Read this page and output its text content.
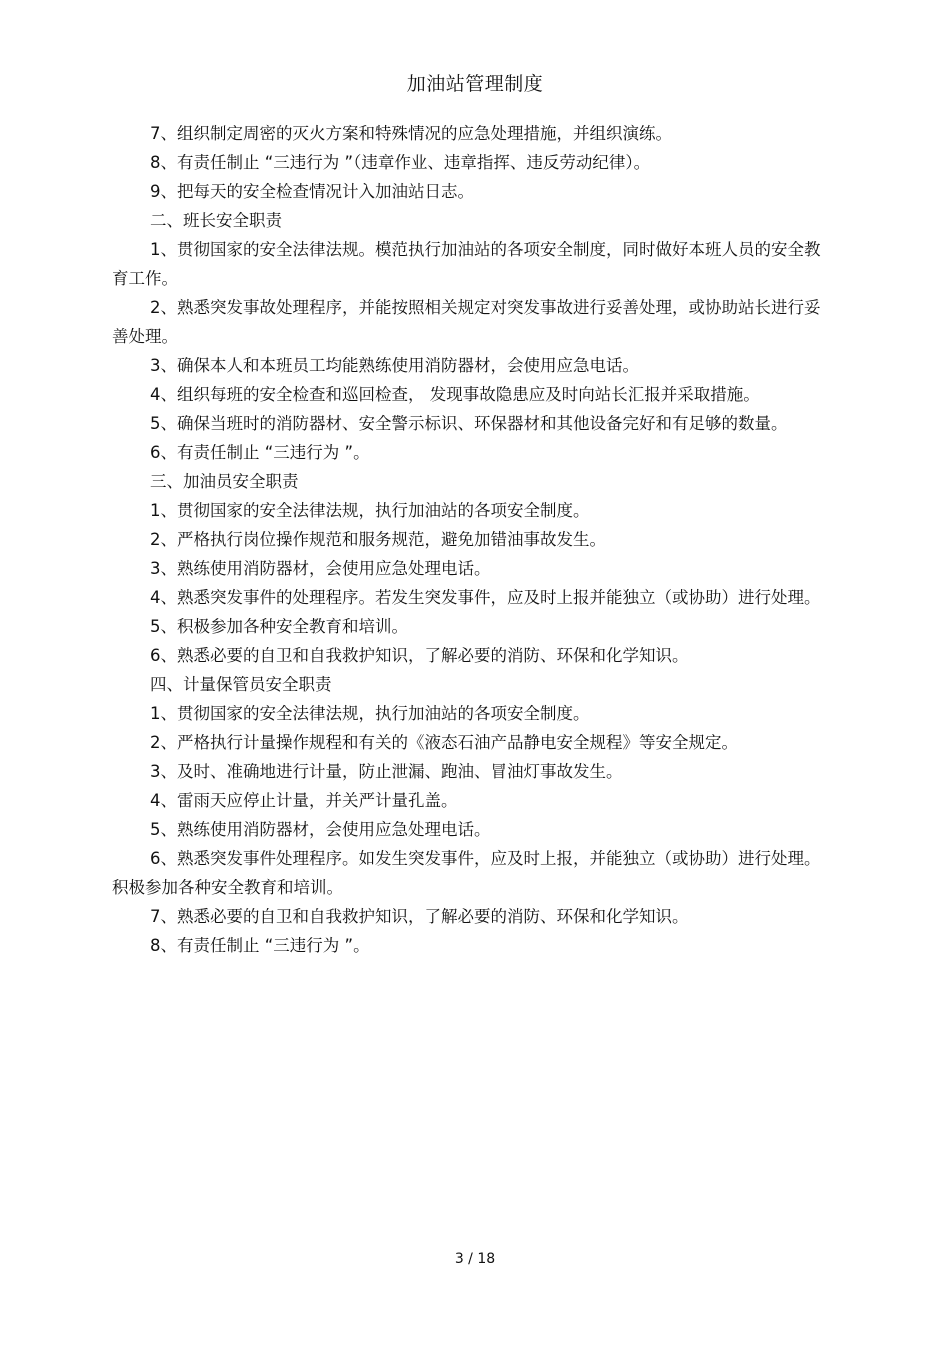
加油站管理制度

7、组织制定周密的灭火方案和特殊情况的应急处理措施，并组织演练。

8、有责任制止 “三违行为 ”（违章作业、违章指挥、违反劳动纪律）。

9、把每天的安全检查情况计入加油站日志。

二、班长安全职责

1、贯彻国家的安全法律法规。模范执行加油站的各项安全制度，同时做好本班人员的安全教育工作。

2、熟悉突发事故处理程序，并能按照相关规定对突发事故进行妥善处理，或协助站长进行妥善处理。

3、确保本人和本班员工均能熟练使用消防器材，会使用应急电话。

4、组织每班的安全检查和巡回检查， 发现事故隐患应及时向站长汇报并采取措施。

5、确保当班时的消防器材、安全警示标识、环保器材和其他设备完好和有足够的数量。

6、有责任制止 “三违行为 ”。

三、加油员安全职责

1、贯彻国家的安全法律法规，执行加油站的各项安全制度。

2、严格执行岗位操作规范和服务规范，避免加错油事故发生。

3、熟练使用消防器材，会使用应急处理电话。

4、熟悉突发事件的处理程序。若发生突发事件，应及时上报并能独立（或协助）进行处理。

5、积极参加各种安全教育和培训。

6、熟悉必要的自卫和自我救护知识，了解必要的消防、环保和化学知识。

四、计量保管员安全职责

1、贯彻国家的安全法律法规，执行加油站的各项安全制度。

2、严格执行计量操作规程和有关的《液态石油产品静电安全规程》等安全规定。

3、及时、准确地进行计量，防止泄漏、跑油、冒油灯事故发生。

4、雷雨天应停止计量，并关严计量孔盖。

5、熟练使用消防器材，会使用应急处理电话。

6、熟悉突发事件处理程序。如发生突发事件，应及时上报，并能独立（或协助）进行处理。积极参加各种安全教育和培训。

7、熟悉必要的自卫和自我救护知识，了解必要的消防、环保和化学知识。

8、有责任制止 “三违行为 ”。

3 / 18
